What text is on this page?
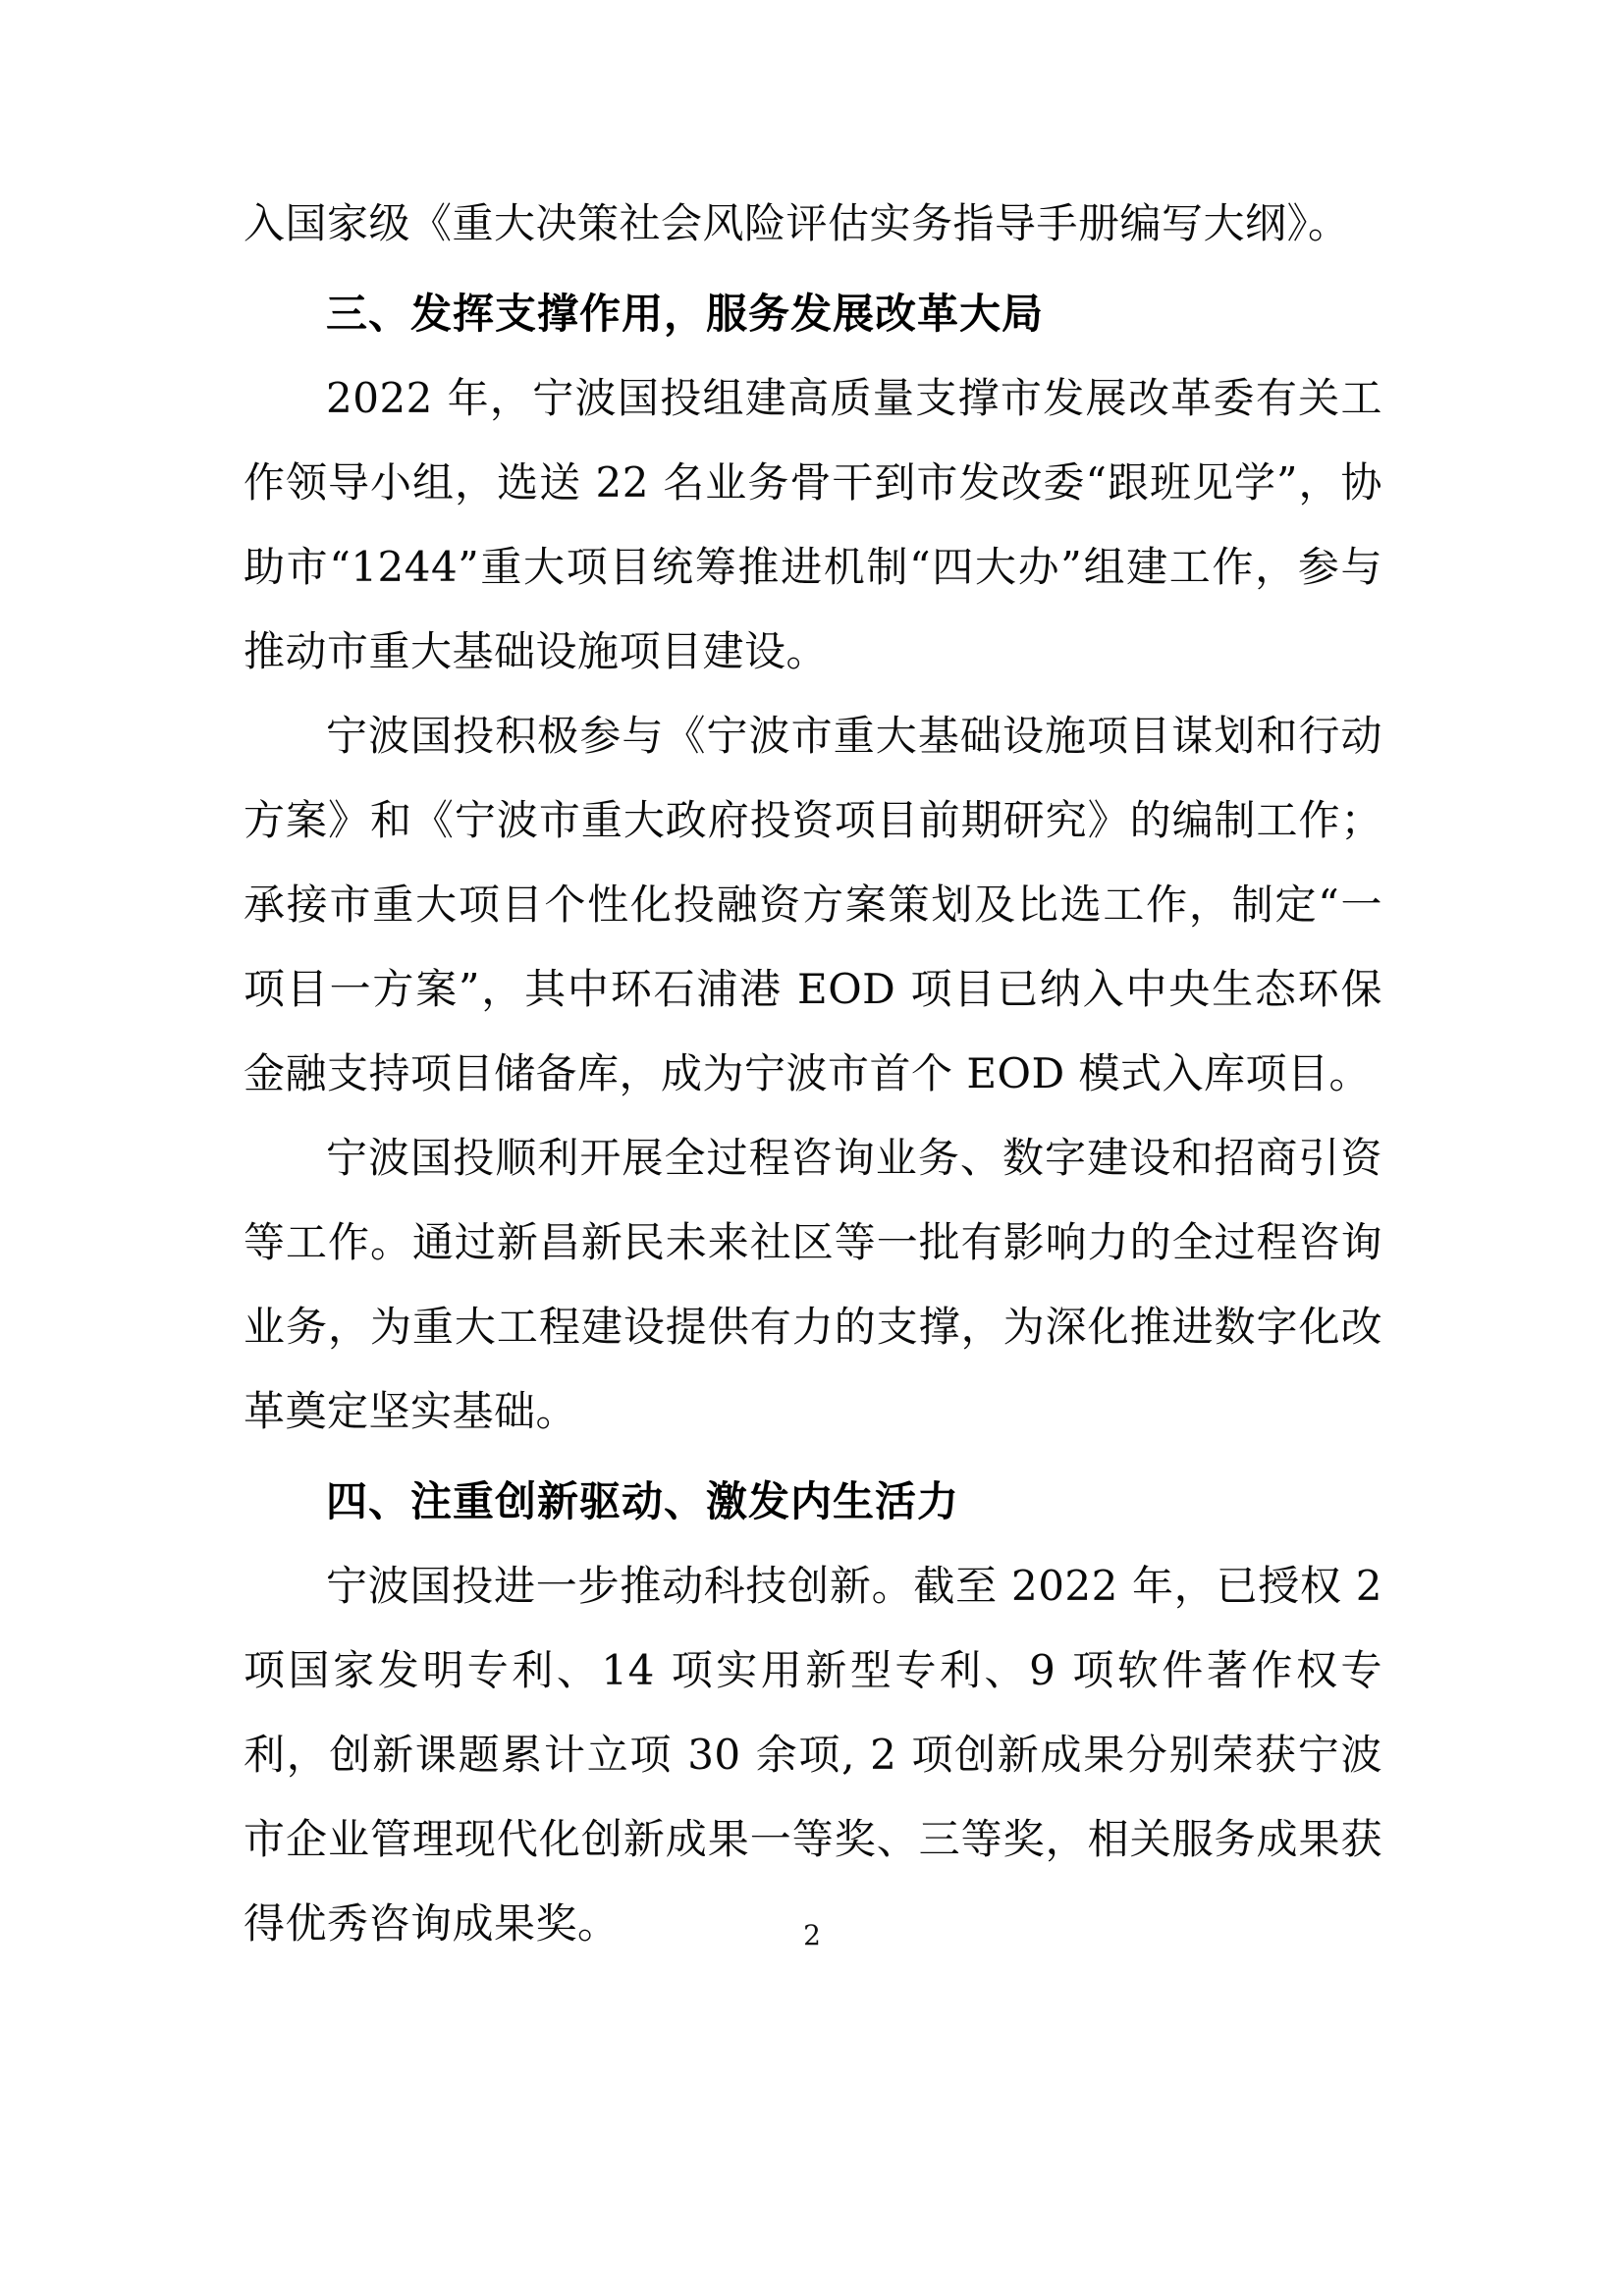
入国家级《重大决策社会风险评估实务指导手册编写大纲》。

三、发挥支撑作用，服务发展改革大局

2022 年，宁波国投组建高质量支撑市发展改革委有关工作领导小组，选送 22 名业务骨干到市发改委“跟班见学”，协助市“1244”重大项目统筹推进机制“四大办”组建工作，参与推动市重大基础设施项目建设。

宁波国投积极参与《宁波市重大基础设施项目谋划和行动方案》和《宁波市重大政府投资项目前期研究》的编制工作；承接市重大项目个性化投融资方案策划及比选工作，制定“一项目一方案”，其中环石浦港 EOD 项目已纳入中央生态环保金融支持项目储备库，成为宁波市首个 EOD 模式入库项目。

宁波国投顺利开展全过程咨询业务、数字建设和招商引资等工作。通过新昌新民未来社区等一批有影响力的全过程咨询业务，为重大工程建设提供有力的支撑，为深化推进数字化改革奠定坚实基础。

四、注重创新驱动、激发内生活力

宁波国投进一步推动科技创新。截至 2022 年，已授权 2 项国家发明专利、14 项实用新型专利、9 项软件著作权专利，创新课题累计立项 30 余项, 2 项创新成果分别荣获宁波市企业管理现代化创新成果一等奖、三等奖，相关服务成果获得优秀咨询成果奖。	2
